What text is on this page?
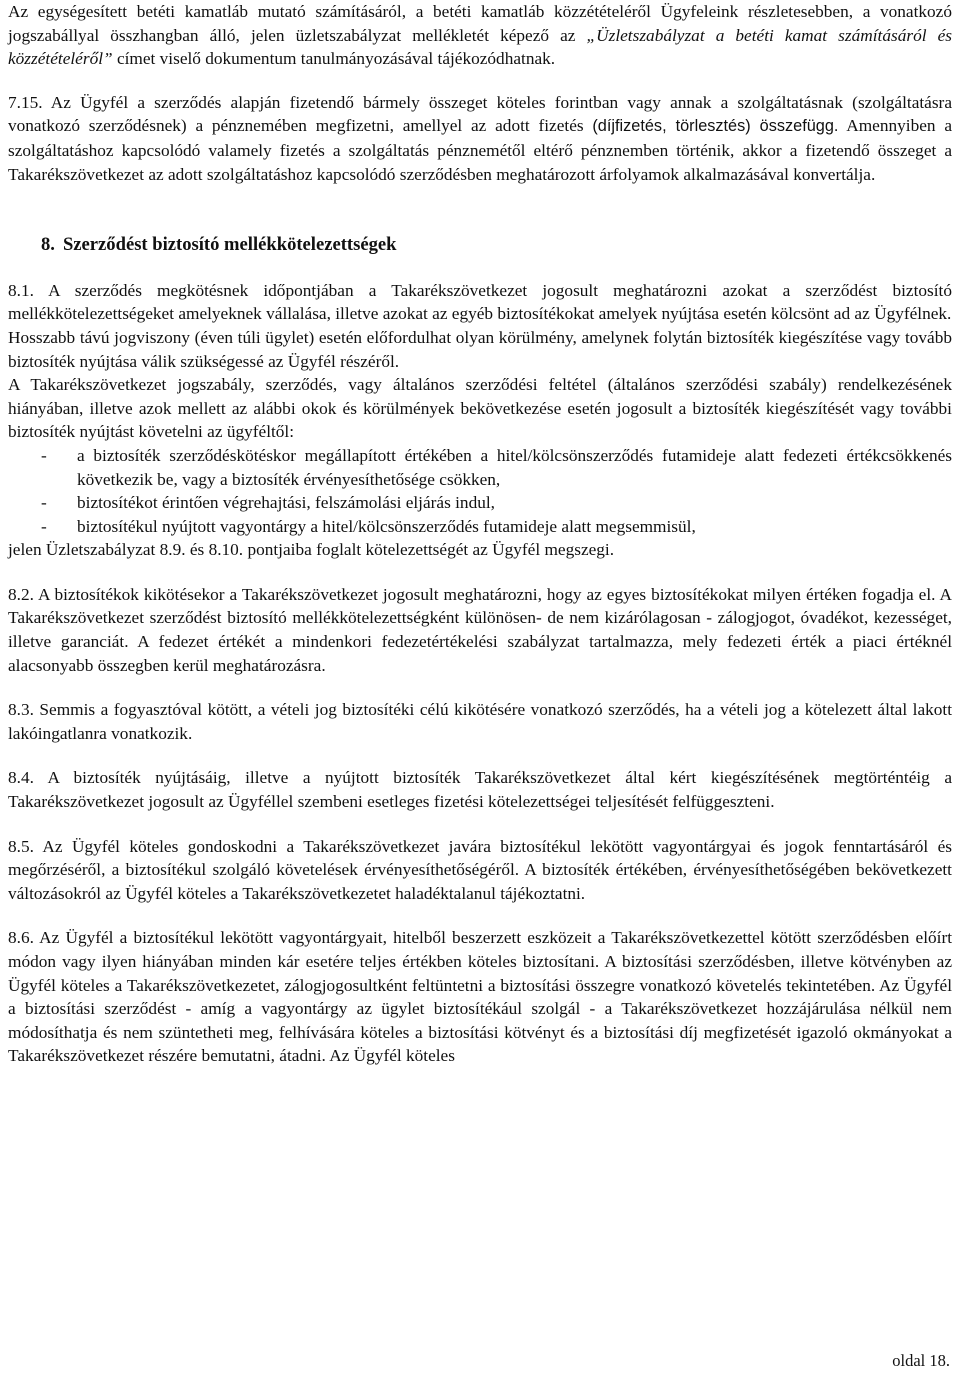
Az egységesített betéti kamatláb mutató számításáról, a betéti kamatláb közzétételéről Ügyfeleink részletesebben, a vonatkozó jogszabállyal összhangban álló, jelen üzletszabályzat mellékletét képező az „Üzletszabályzat a betéti kamat számításáról és közzétételéről” címet viselő dokumentum tanulmányozásával tájékozódhatnak.

7.15. Az Ügyfél a szerződés alapján fizetendő bármely összeget köteles forintban vagy annak a szolgáltatásnak (szolgáltatásra vonatkozó szerződésnek) a pénznemében megfizetni, amellyel az adott fizetés (díjfizetés, törlesztés) összefügg. Amennyiben a szolgáltatáshoz kapcsolódó valamely fizetés a szolgáltatás pénznemétől eltérő pénznemben történik, akkor a fizetendő összeget a Takarékszövetkezet az adott szolgáltatáshoz kapcsolódó szerződésben meghatározott árfolyamok alkalmazásával konvertálja.

8. Szerződést biztosító mellékkötelezettségek

8.1. A szerződés megkötésnek időpontjában a Takarékszövetkezet jogosult meghatározni azokat a szerződést biztosító mellékkötelezettségeket amelyeknek vállalása, illetve azokat az egyéb biztosítékokat amelyek nyújtása esetén kölcsönt ad az Ügyfélnek.

Hosszabb távú jogviszony (éven túli ügylet) esetén előfordulhat olyan körülmény, amelynek folytán biztosíték kiegészítése vagy tovább biztosíték nyújtása válik szükségessé az Ügyfél részéről.

A Takarékszövetkezet jogszabály, szerződés, vagy általános szerződési feltétel (általános szerződési szabály) rendelkezésének hiányában, illetve azok mellett az alábbi okok és körülmények bekövetkezése esetén jogosult a biztosíték kiegészítését vagy további biztosíték nyújtást követelni az ügyféltől:

- a biztosíték szerződéskötéskor megállapított értékében a hitel/kölcsönszerződés futamideje alatt fedezeti értékcsökkenés következik be, vagy a biztosíték érvényesíthetősége csökken,
- biztosítékot érintően végrehajtási, felszámolási eljárás indul,
- biztosítékul nyújtott vagyontárgy a hitel/kölcsönszerződés futamideje alatt megsemmisül,

jelen Üzletszabályzat 8.9. és 8.10. pontjaiba foglalt kötelezettségét az Ügyfél megszegi.

8.2. A biztosítékok kikötésekor a Takarékszövetkezet jogosult meghatározni, hogy az egyes biztosítékokat milyen értéken fogadja el. A Takarékszövetkezet szerződést biztosító mellékkötelezettségként különösen- de nem kizárólagosan - zálogjogot, óvadékot, kezességet, illetve garanciát. A fedezet értékét a mindenkori fedezetértékelési szabályzat tartalmazza, mely fedezeti érték a piaci értéknél alacsonyabb összegben kerül meghatározásra.

8.3. Semmis a fogyasztóval kötött, a vételi jog biztosítéki célú kikötésére vonatkozó szerződés, ha a vételi jog a kötelezett által lakott lakóingatlanra vonatkozik.

8.4. A biztosíték nyújtásáig, illetve a nyújtott biztosíték Takarékszövetkezet által kért kiegészítésének megtörténtéig a Takarékszövetkezet jogosult az Ügyféllel szembeni esetleges fizetési kötelezettségei teljesítését felfüggeszteni.

8.5. Az Ügyfél köteles gondoskodni a Takarékszövetkezet javára biztosítékul lekötött vagyontárgyai és jogok fenntartásáról és megőrzéséről, a biztosítékul szolgáló követelések érvényesíthetőségéről. A biztosíték értékében, érvényesíthetőségében bekövetkezett változásokról az Ügyfél köteles a Takarékszövetkezetet haladéktalanul tájékoztatni.

8.6. Az Ügyfél a biztosítékul lekötött vagyontárgyait, hitelből beszerzett eszközeit a Takarékszövetkezettel kötött szerződésben előírt módon vagy ilyen hiányában minden kár esetére teljes értékben köteles biztosítani. A biztosítási szerződésben, illetve kötvényben az Ügyfél köteles a Takarékszövetkezetet, zálogjogosultként feltüntetni a biztosítási összegre vonatkozó követelés tekintetében. Az Ügyfél a biztosítási szerződést - amíg a vagyontárgy az ügylet biztosítékául szolgál - a Takarékszövetkezet hozzájárulása nélkül nem módosíthatja és nem szüntetheti meg, felhívására köteles a biztosítási kötvényt és a biztosítási díj megfizetését igazoló okmányokat a Takarékszövetkezet részére bemutatni, átadni. Az Ügyfél köteles

oldal 18.
